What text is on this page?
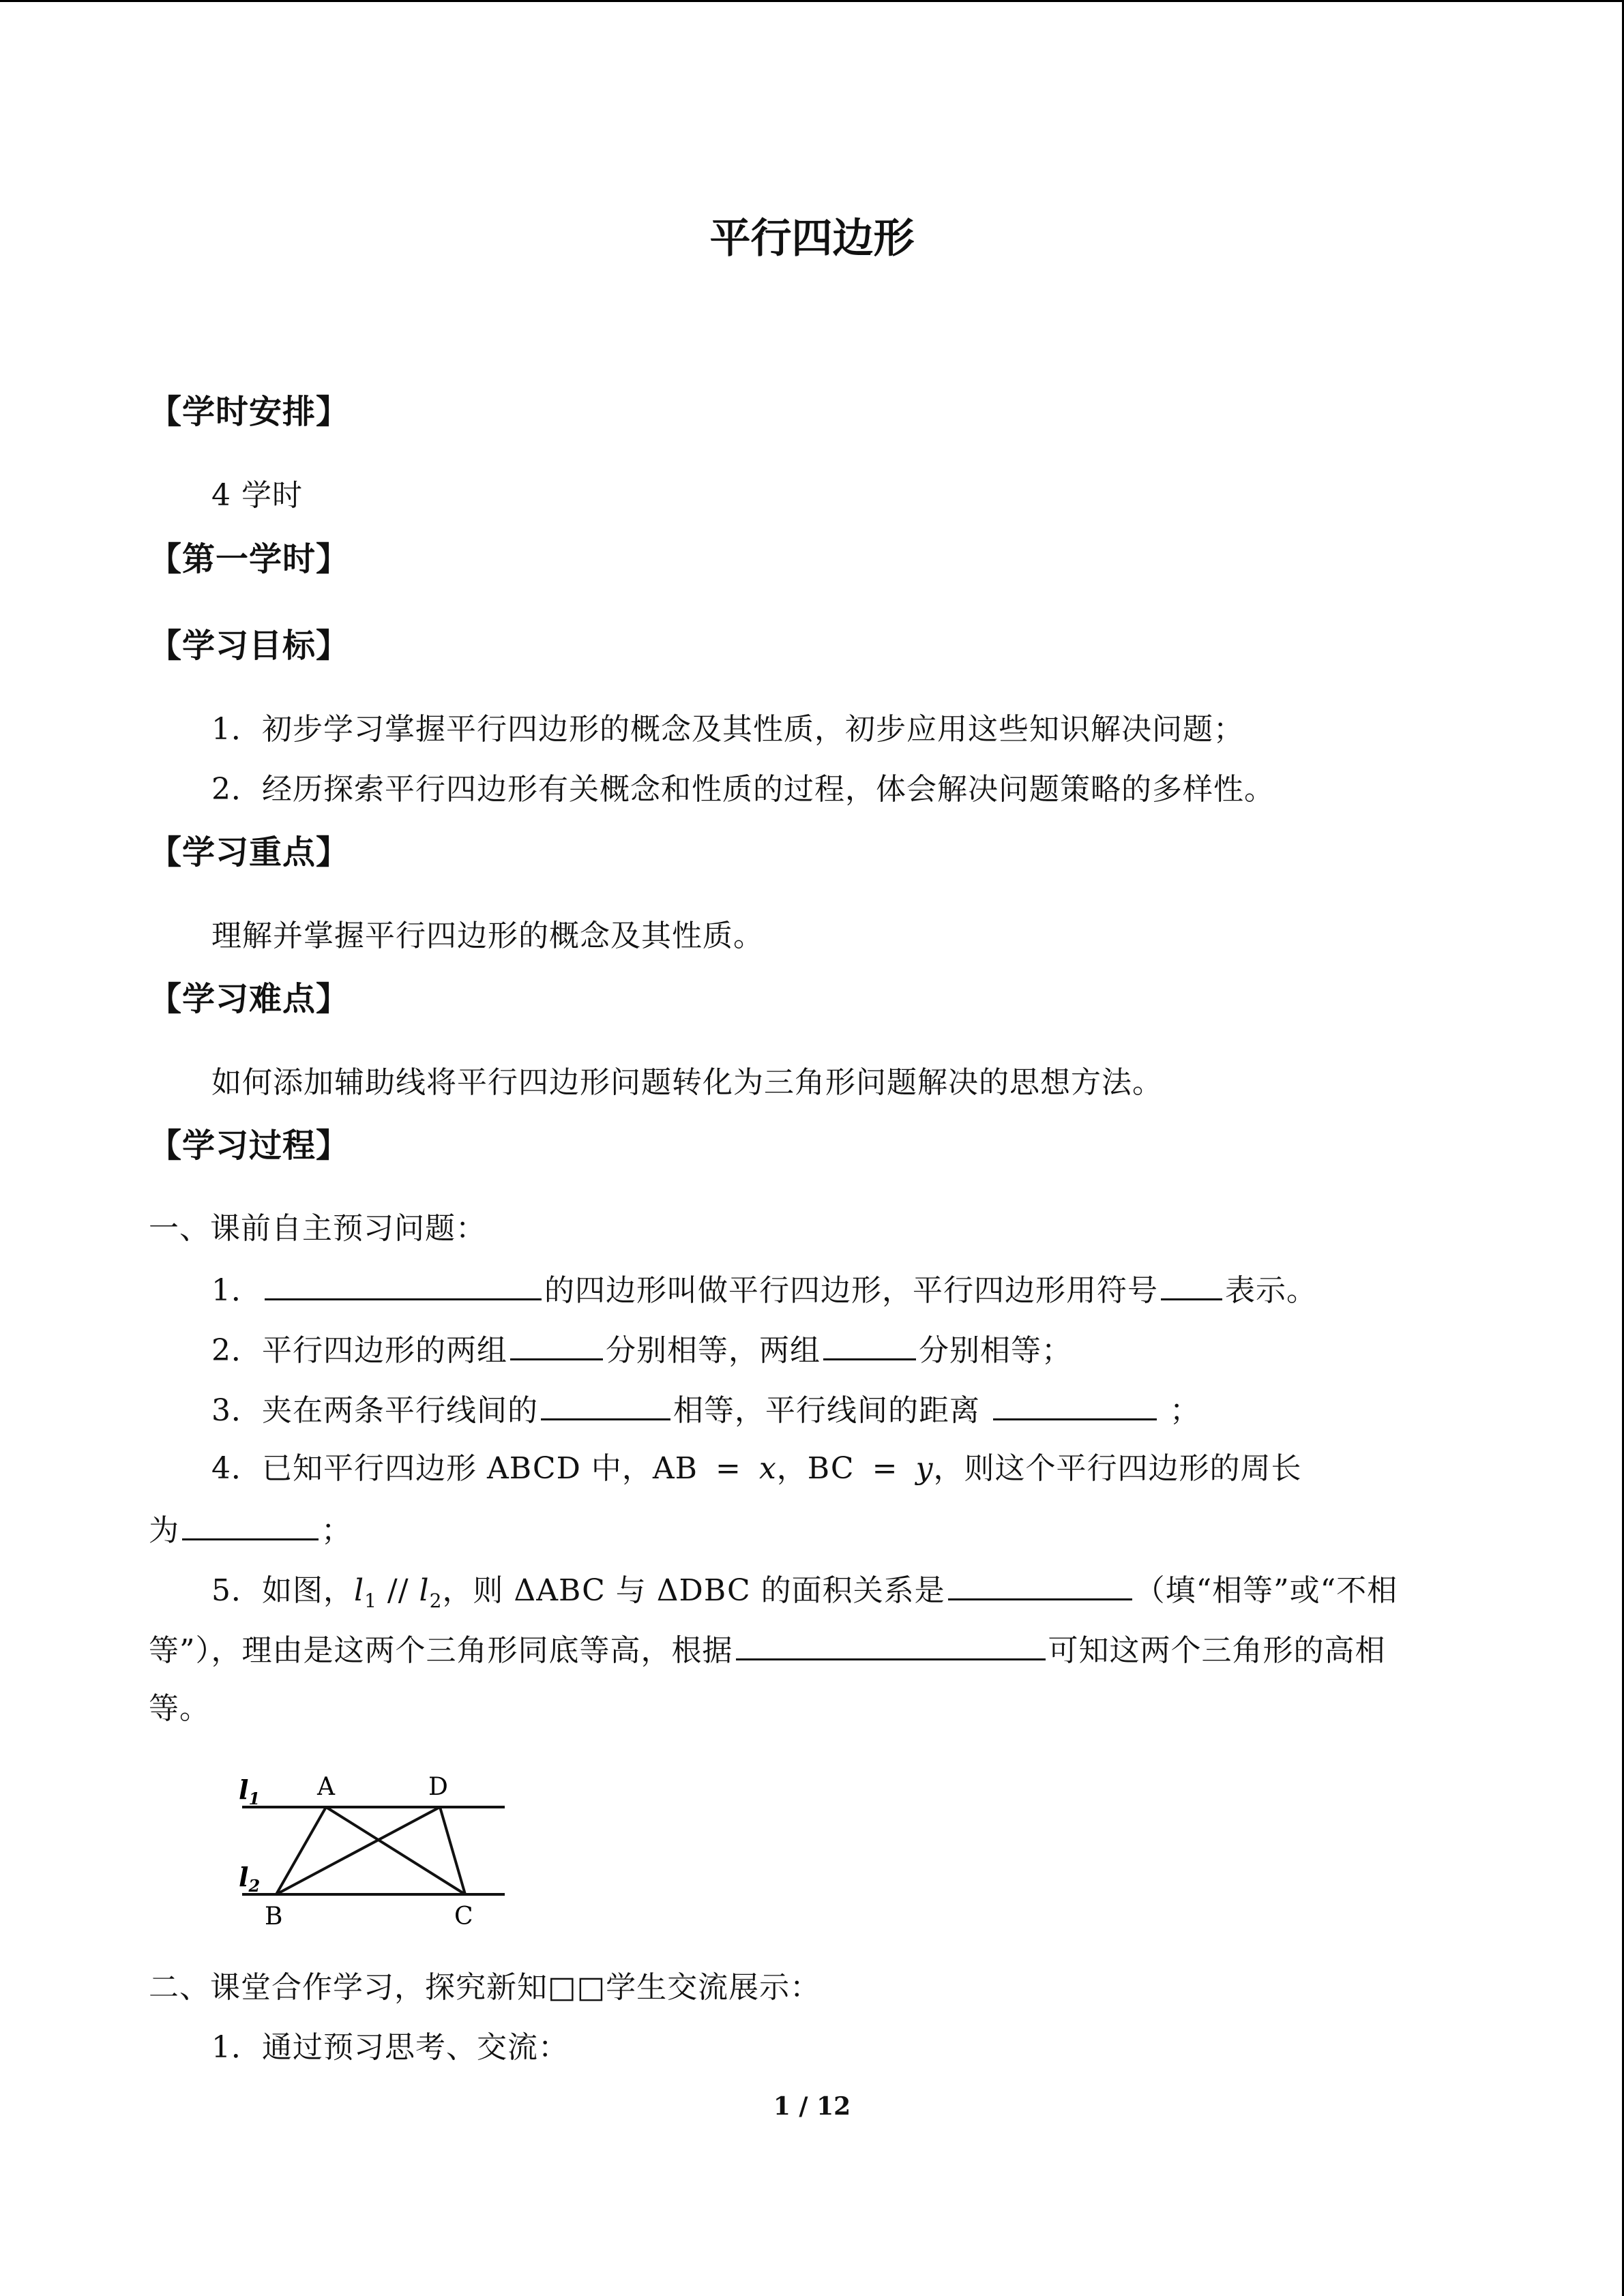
平行四边形
【学时安排】
4 学时
【第一学时】
【学习目标】
1．初步学习掌握平行四边形的概念及其性质，初步应用这些知识解决问题；
2．经历探索平行四边形有关概念和性质的过程，体会解决问题策略的多样性。
【学习重点】
理解并掌握平行四边形的概念及其性质。
【学习难点】
如何添加辅助线将平行四边形问题转化为三角形问题解决的思想方法。
【学习过程】
一、课前自主预习问题：
1．	的四边形叫做平行四边形，平行四边形用符号 表示。
2．平行四边形的两组	分别相等，两组	分别相等；
3．夹在两条平行线间的	相等，平行线间的距离	；
4．已知平行四边形 ABCD 中，AB = x，BC = y，则这个平行四边形的周长
为	；
5．如图，$l_1 // l_2$，则 ΔABC 与 ΔDBC 的面积关系是	（填“相等”或“不相
等”），理由是这两个三角形同底等高，根据	可知这两个三角形的高相
等。
$l_1$
$l_2$
A	D
B	C
二、课堂合作学习，探究新知□□学生交流展示：
1．通过预习思考、交流：
1 / 12
